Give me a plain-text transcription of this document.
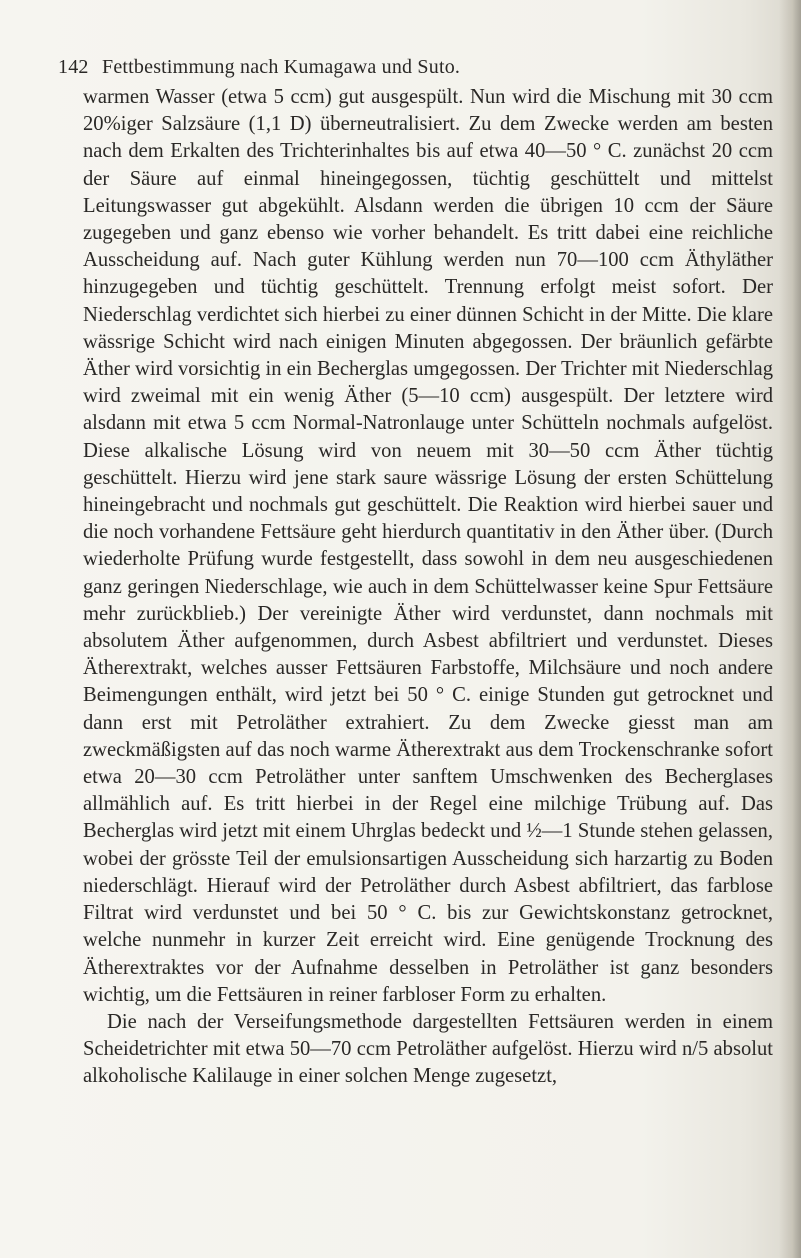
142 Fettbestimmung nach Kumagawa und Suto.

warmen Wasser (etwa 5 ccm) gut ausgespült. Nun wird die Mischung mit 30 ccm 20%iger Salzsäure (1,1 D) überneutralisiert. Zu dem Zwecke werden am besten nach dem Erkalten des Trichterinhaltes bis auf etwa 40—50 ° C. zunächst 20 ccm der Säure auf einmal hineingegossen, tüchtig geschüttelt und mittelst Leitungswasser gut abgekühlt. Alsdann werden die übrigen 10 ccm der Säure zugegeben und ganz ebenso wie vorher behandelt. Es tritt dabei eine reichliche Ausscheidung auf. Nach guter Kühlung werden nun 70—100 ccm Äthyläther hinzugegeben und tüchtig geschüttelt. Trennung erfolgt meist sofort. Der Niederschlag verdichtet sich hierbei zu einer dünnen Schicht in der Mitte. Die klare wässrige Schicht wird nach einigen Minuten abgegossen. Der bräunlich gefärbte Äther wird vorsichtig in ein Becherglas umgegossen. Der Trichter mit Niederschlag wird zweimal mit ein wenig Äther (5—10 ccm) ausgespült. Der letztere wird alsdann mit etwa 5 ccm Normal-Natronlauge unter Schütteln nochmals aufgelöst. Diese alkalische Lösung wird von neuem mit 30—50 ccm Äther tüchtig geschüttelt. Hierzu wird jene stark saure wässrige Lösung der ersten Schüttelung hineingebracht und nochmals gut geschüttelt. Die Reaktion wird hierbei sauer und die noch vorhandene Fettsäure geht hierdurch quantitativ in den Äther über. (Durch wiederholte Prüfung wurde festgestellt, dass sowohl in dem neu ausgeschiedenen ganz geringen Niederschlage, wie auch in dem Schüttelwasser keine Spur Fettsäure mehr zurückblieb.) Der vereinigte Äther wird verdunstet, dann nochmals mit absolutem Äther aufgenommen, durch Asbest abfiltriert und verdunstet. Dieses Ätherextrakt, welches ausser Fettsäuren Farbstoffe, Milchsäure und noch andere Beimengungen enthält, wird jetzt bei 50 ° C. einige Stunden gut getrocknet und dann erst mit Petroläther extrahiert. Zu dem Zwecke giesst man am zweckmäßigsten auf das noch warme Ätherextrakt aus dem Trockenschranke sofort etwa 20—30 ccm Petroläther unter sanftem Umschwenken des Becherglases allmählich auf. Es tritt hierbei in der Regel eine milchige Trübung auf. Das Becherglas wird jetzt mit einem Uhrglas bedeckt und ½—1 Stunde stehen gelassen, wobei der grösste Teil der emulsionsartigen Ausscheidung sich harzartig zu Boden niederschlägt. Hierauf wird der Petroläther durch Asbest abfiltriert, das farblose Filtrat wird verdunstet und bei 50 ° C. bis zur Gewichtskonstanz getrocknet, welche nunmehr in kurzer Zeit erreicht wird. Eine genügende Trocknung des Ätherextraktes vor der Aufnahme desselben in Petroläther ist ganz besonders wichtig, um die Fettsäuren in reiner farbloser Form zu erhalten.

Die nach der Verseifungsmethode dargestellten Fettsäuren werden in einem Scheidetrichter mit etwa 50—70 ccm Petroläther aufgelöst. Hierzu wird n/5 absolut alkoholische Kalilauge in einer solchen Menge zugesetzt,
